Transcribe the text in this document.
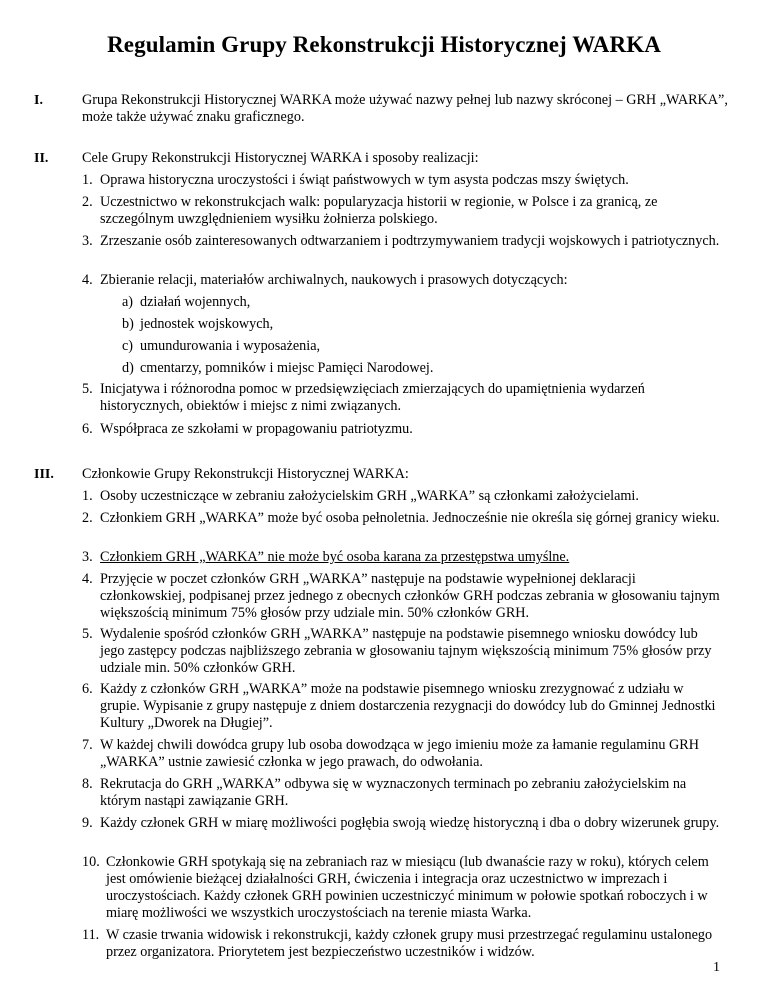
Regulamin Grupy Rekonstrukcji Historycznej WARKA
I.	Grupa Rekonstrukcji Historycznej WARKA może używać nazwy pełnej lub nazwy skróconej – GRH „WARKA”, może także używać znaku graficznego.
II. Cele Grupy Rekonstrukcji Historycznej WARKA i sposoby realizacji:
1. Oprawa historyczna uroczystości i świąt państwowych w tym asysta podczas mszy świętych.
2. Uczestnictwo w rekonstrukcjach walk: popularyzacja historii w regionie, w Polsce i za granicą, ze szczególnym uwzględnieniem wysiłku żołnierza polskiego.
3. Zrzeszanie osób zainteresowanych odtwarzaniem i podtrzymywaniem tradycji wojskowych i patriotycznych.
4. Zbieranie relacji, materiałów archiwalnych, naukowych i prasowych dotyczących:
a) działań wojennych,
b) jednostek wojskowych,
c) umundurowania i wyposażenia,
d) cmentarzy, pomników i miejsc Pamięci Narodowej.
5. Inicjatywa i różnorodna pomoc w przedsięwzięciach zmierzających do upamiętnienia wydarzeń historycznych, obiektów i miejsc z nimi związanych.
6. Współpraca ze szkołami w propagowaniu patriotyzmu.
III. Członkowie Grupy Rekonstrukcji Historycznej WARKA:
1. Osoby uczestniczące w zebraniu założycielskim GRH „WARKA” są członkami założycielami.
2. Członkiem GRH „WARKA” może być osoba pełnoletnia. Jednocześnie nie określa się górnej granicy wieku.
3. Członkiem GRH „WARKA” nie może być osoba karana za przestępstwa umyślne.
4. Przyjęcie w poczet członków GRH „WARKA” następuje na podstawie wypełnionej deklaracji członkowskiej, podpisanej przez jednego z obecnych członków GRH podczas zebrania w głosowaniu tajnym większością minimum 75% głosów przy udziale min. 50% członków GRH.
5. Wydalenie spośród członków GRH „WARKA” następuje na podstawie pisemnego wniosku dowódcy lub jego zastępcy podczas najbliższego zebrania w głosowaniu tajnym większością minimum 75% głosów przy udziale min. 50% członków GRH.
6. Każdy z członków GRH „WARKA” może na podstawie pisemnego wniosku zrezygnować z udziału w grupie. Wypisanie z grupy następuje z dniem dostarczenia rezygnacji do dowódcy lub do Gminnej Jednostki Kultury „Dworek na Długiej”.
7. W każdej chwili dowódca grupy lub osoba dowodząca w jego imieniu może za łamanie regulaminu GRH „WARKA” ustnie zawiesić członka w jego prawach, do odwołania.
8. Rekrutacja do GRH „WARKA” odbywa się w wyznaczonych terminach po zebraniu założycielskim na którym nastąpi zawiązanie GRH.
9. Każdy członek GRH w miarę możliwości pogłębia swoją wiedzę historyczną i dba o dobry wizerunek grupy.
10. Członkowie GRH spotykają się na zebraniach raz w miesiącu (lub dwanaście razy w roku), których celem jest omówienie bieżącej działalności GRH, ćwiczenia i integracja oraz uczestnictwo w imprezach i uroczystościach. Każdy członek GRH powinien uczestniczyć minimum w połowie spotkań roboczych i w miarę możliwości we wszystkich uroczystościach na terenie miasta Warka.
11. W czasie trwania widowisk i rekonstrukcji, każdy członek grupy musi przestrzegać regulaminu ustalonego przez organizatora. Priorytetem jest bezpieczeństwo uczestników i widzów.
1
